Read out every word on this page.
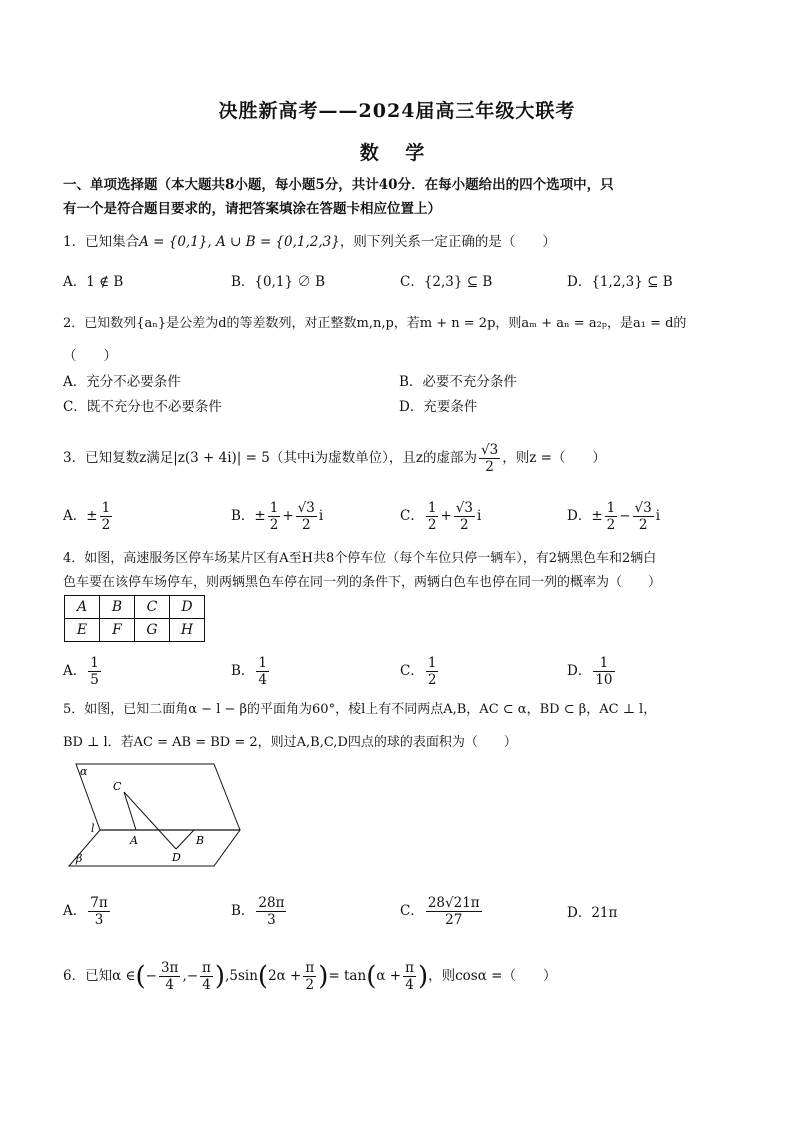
决胜新高考——2024届高三年级大联考
数 学
一、单项选择题（本大题共8小题，每小题5分，共计40分．在每小题给出的四个选项中，只
有一个是符合题目要求的，请把答案填涂在答题卡相应位置上）
1．已知集合A = {0,1}, A ∪ B = {0,1,2,3}，则下列关系一定正确的是（　　）
A．1 ∉ B	B．{0,1} ∅ B	C．{2,3} ⊆ B	D．{1,2,3} ⊆ B
2．已知数列{aₙ}是公差为d的等差数列，对正整数m,n,p，若m + n = 2p，则aₘ + aₙ = a₂ₚ，是a₁ = d的
（　　）
A．充分不必要条件	B．必要不充分条件
C．既不充分也不必要条件	D．充要条件
3．已知复数z满足|z(3 + 4i)| = 5（其中i为虚数单位），且z的虚部为 $\frac{√3}{2}$ ，则z =（　　）
A．± $\frac{1}{2}$	B．± $\frac{1}{2} + \frac{√3}{2}$ i	C． $\frac{1}{2} + \frac{√3}{2}$ i	D．± $\frac{1}{2} - \frac{√3}{2}$ i
4．如图，高速服务区停车场某片区有A至H共8个停车位（每个车位只停一辆车），有2辆黑色车和2辆白
色车要在该停车场停车，则两辆黑色车停在同一列的条件下，两辆白色车也停在同一列的概率为（　　）
A	B	C	D
E	F	G	H
A． $\frac{1}{5}$	B． $\frac{1}{4}$	C． $\frac{1}{2}$	D． $\frac{1}{10}$
5．如图，已知二面角α − l − β的平面角为60°，棱l上有不同两点A,B，AC ⊂ α，BD ⊂ β，AC ⊥ l，
BD ⊥ l．若AC = AB = BD = 2，则过A,B,C,D四点的球的表面积为（　　）
α
β
l
C
A	B
D
A． $\frac{7\pi}{3}$	B． $\frac{28\pi}{3}$	C． $\frac{28√21\pi}{27}$	D．21π
6．已知α ∈(− $\frac{3\pi}{4}$ ,− $\frac{\pi}{4} ),5\sin(2\alpha + \frac{\pi}{2}$ )= $\tan(\alpha + \frac{\pi}{4}$ )，则cosα =（　　）
